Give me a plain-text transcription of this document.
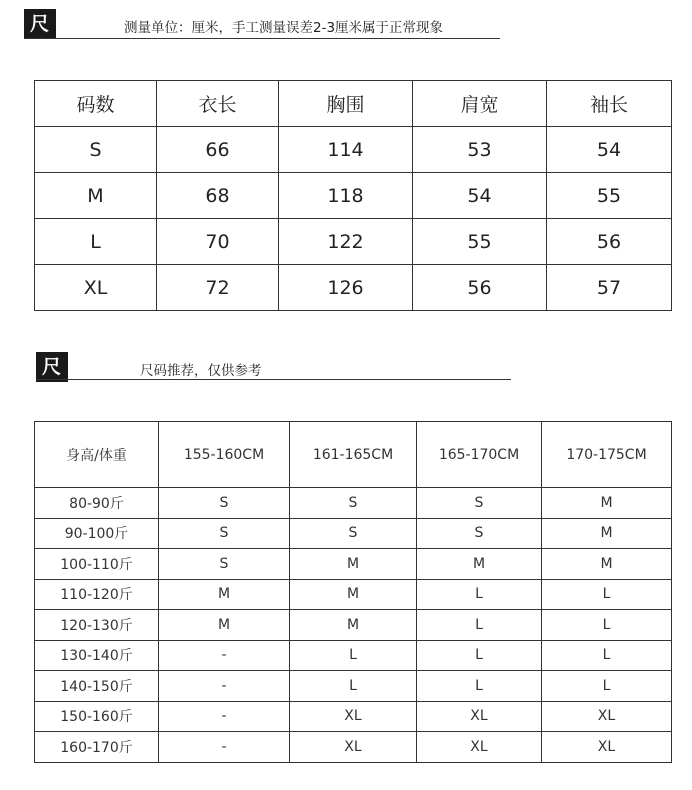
尺码信息
测量单位：厘米，手工测量误差2-3厘米属于正常现象
码数	衣长	胸围	肩宽	袖长
S	66	114	53	54
M	68	118	54	55
L	70	122	55	56
XL	72	126	56	57
尺码推荐
尺码推荐，仅供参考
身高/体重	155-160CM	161-165CM	165-170CM	170-175CM
80-90斤	S	S	S	M
90-100斤	S	S	S	M
100-110斤	S	M	M	M
110-120斤	M	M	L	L
120-130斤	M	M	L	L
130-140斤	-	L	L	L
140-150斤	-	L	L	L
150-160斤	-	XL	XL	XL
160-170斤	-	XL	XL	XL
